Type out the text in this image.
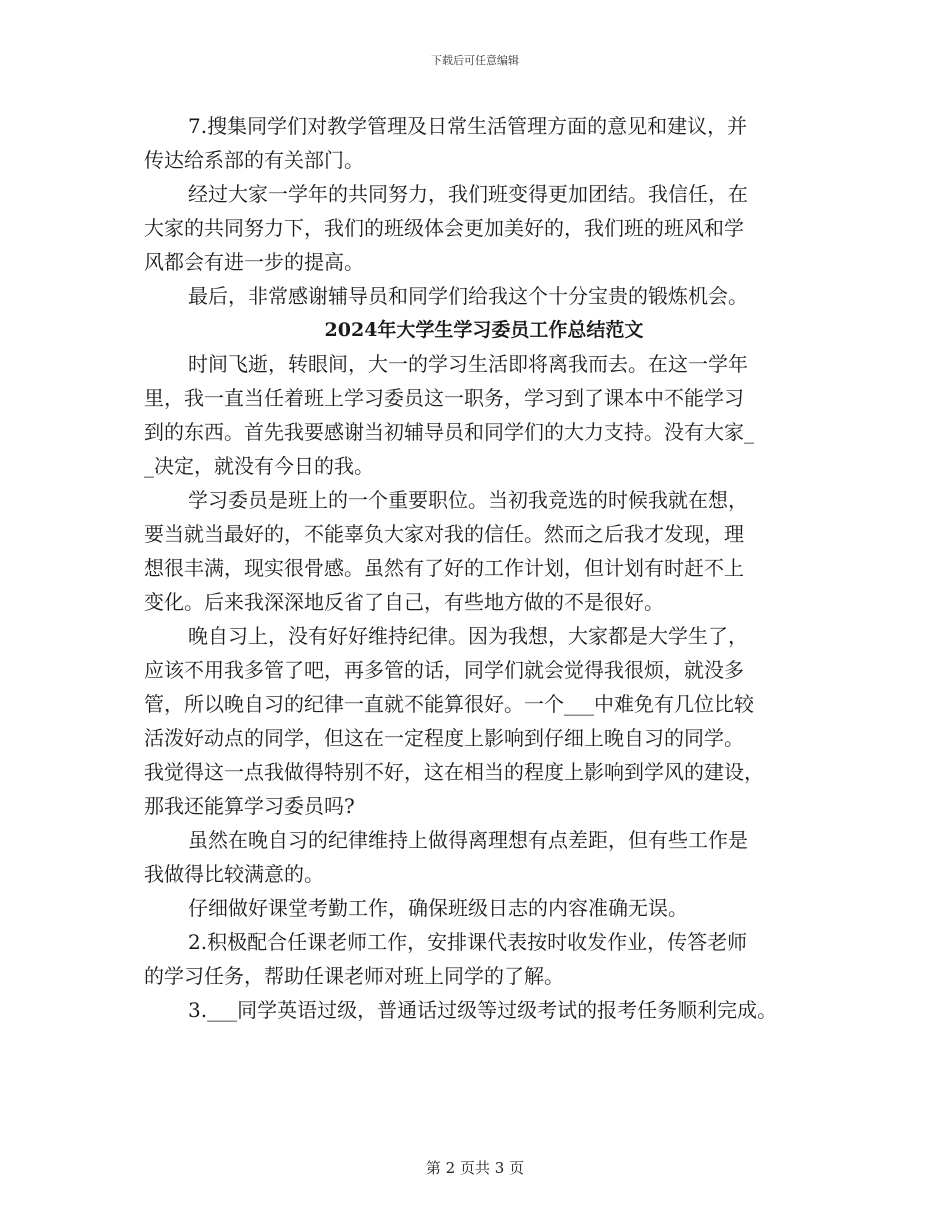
下载后可任意编辑
7.搜集同学们对教学管理及日常生活管理方面的意见和建议，并
传达给系部的有关部门。
经过大家一学年的共同努力，我们班变得更加团结。我信任，在
大家的共同努力下，我们的班级体会更加美好的，我们班的班风和学
风都会有进一步的提高。
最后，非常感谢辅导员和同学们给我这个十分宝贵的锻炼机会。
2024年大学生学习委员工作总结范文
时间飞逝，转眼间，大一的学习生活即将离我而去。在这一学年
里，我一直当任着班上学习委员这一职务，学习到了课本中不能学习
到的东西。首先我要感谢当初辅导员和同学们的大力支持。没有大家_
_决定，就没有今日的我。
学习委员是班上的一个重要职位。当初我竞选的时候我就在想，
要当就当最好的，不能辜负大家对我的信任。然而之后我才发现，理
想很丰满，现实很骨感。虽然有了好的工作计划，但计划有时赶不上
变化。后来我深深地反省了自己，有些地方做的不是很好。
晚自习上，没有好好维持纪律。因为我想，大家都是大学生了，
应该不用我多管了吧，再多管的话，同学们就会觉得我很烦，就没多
管，所以晚自习的纪律一直就不能算很好。一个___中难免有几位比较
活泼好动点的同学，但这在一定程度上影响到仔细上晚自习的同学。
我觉得这一点我做得特别不好，这在相当的程度上影响到学风的建设，
那我还能算学习委员吗?
虽然在晚自习的纪律维持上做得离理想有点差距，但有些工作是
我做得比较满意的。
仔细做好课堂考勤工作，确保班级日志的内容准确无误。
2.积极配合任课老师工作，安排课代表按时收发作业，传答老师
的学习任务，帮助任课老师对班上同学的了解。
3.___同学英语过级，普通话过级等过级考试的报考任务顺利完成。
第 2 页共 3 页
